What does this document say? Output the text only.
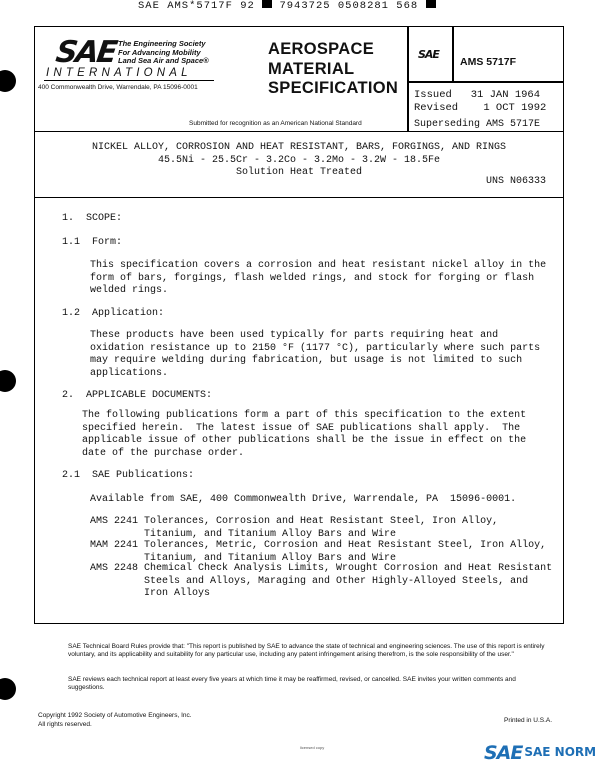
SAE AMS*5717F 92 7943725 0508281 568
SAE The Engineering Society
For Advancing Mobility
Land Sea Air and Space®
INTERNATIONAL
400 Commonwealth Drive, Warrendale, PA 15096-0001
AEROSPACE
MATERIAL
SPECIFICATION
SAE
AMS 5717F
Issued 31 JAN 1964
Revised 1 OCT 1992
Superseding AMS 5717E
Submitted for recognition as an American National Standard
NICKEL ALLOY, CORROSION AND HEAT RESISTANT, BARS, FORGINGS, AND RINGS
45.5Ni - 25.5Cr - 3.2Co - 3.2Mo - 3.2W - 18.5Fe
Solution Heat Treated
UNS N06333
1.  SCOPE:
1.1  Form:
This specification covers a corrosion and heat resistant nickel alloy in the
form of bars, forgings, flash welded rings, and stock for forging or flash
welded rings.
1.2  Application:
These products have been used typically for parts requiring heat and
oxidation resistance up to 2150 °F (1177 °C), particularly where such parts
may require welding during fabrication, but usage is not limited to such
applications.
2.  APPLICABLE DOCUMENTS:
The following publications form a part of this specification to the extent
specified herein.  The latest issue of SAE publications shall apply.  The
applicable issue of other publications shall be the issue in effect on the
date of the purchase order.
2.1  SAE Publications:
Available from SAE, 400 Commonwealth Drive, Warrendale, PA  15096-0001.
AMS 2241 Tolerances, Corrosion and Heat Resistant Steel, Iron Alloy,
Titanium, and Titanium Alloy Bars and Wire
MAM 2241 Tolerances, Metric, Corrosion and Heat Resistant Steel, Iron Alloy,
Titanium, and Titanium Alloy Bars and Wire
AMS 2248 Chemical Check Analysis Limits, Wrought Corrosion and Heat Resistant
Steels and Alloys, Maraging and Other Highly-Alloyed Steels, and
Iron Alloys
SAE Technical Board Rules provide that: "This report is published by SAE to advance the state of technical and engineering sciences. The use of this report is entirely voluntary, and its applicability and suitability for any particular use, including any patent infringement arising therefrom, is the sole responsibility of the user."
SAE reviews each technical report at least every five years at which time it may be reaffirmed, revised, or cancelled. SAE invites your written comments and suggestions.
Copyright 1992 Society of Automotive Engineers, Inc.
All rights reserved.	Printed in U.S.A.
licensed copy	SAE SAE NORM
